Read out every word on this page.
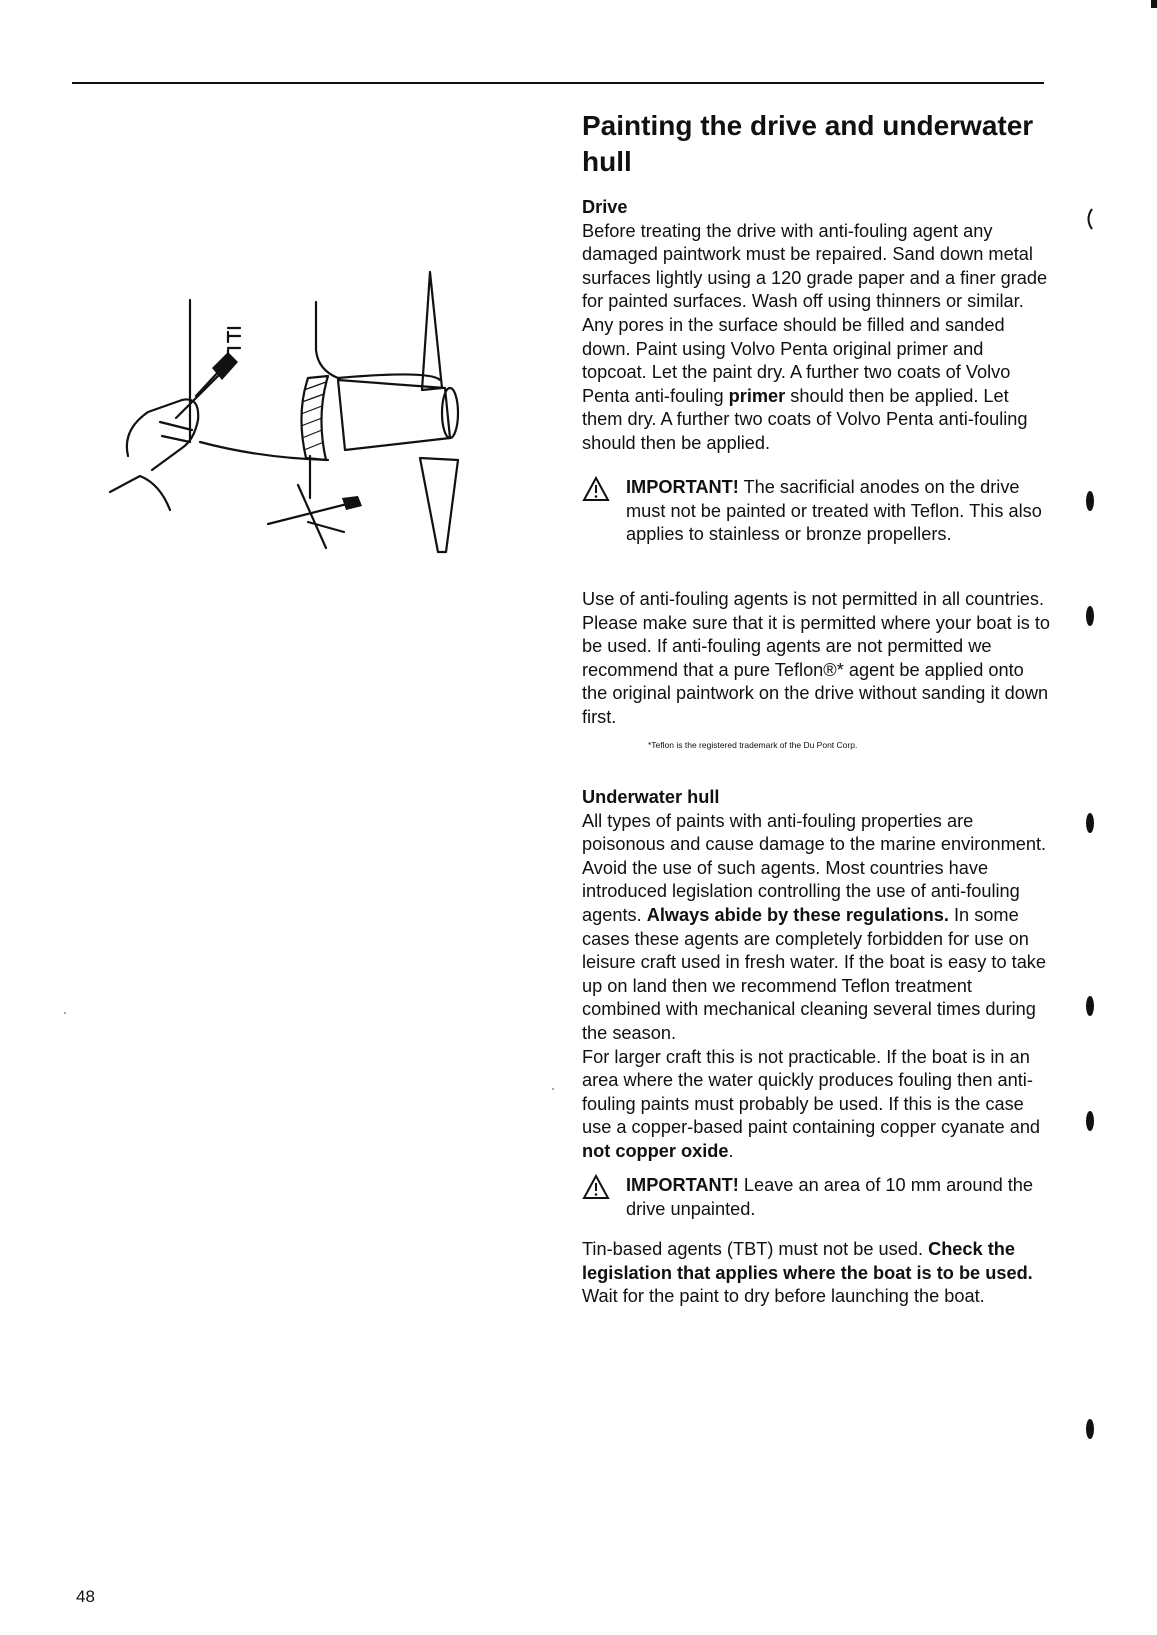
Painting the drive and underwater hull

Drive

Before treating the drive with anti-fouling agent any damaged paintwork must be repaired. Sand down metal surfaces lightly using a 120 grade paper and a finer grade for painted surfaces. Wash off using thinners or similar. Any pores in the surface should be filled and sanded down. Paint using Volvo Penta original primer and topcoat. Let the paint dry. A further two coats of Volvo Penta anti-fouling primer should then be applied. Let them dry. A further two coats of Volvo Penta anti-fouling should then be applied.

IMPORTANT! The sacrificial anodes on the drive must not be painted or treated with Teflon. This also applies to stainless or bronze propellers.

Use of anti-fouling agents is not permitted in all countries. Please make sure that it is permitted where your boat is to be used. If anti-fouling agents are not permitted we recommend that a pure Teflon®* agent be applied onto the original paintwork on the drive without sanding it down first.

*Teflon is the registered trademark of the Du Pont Corp.

Underwater hull

All types of paints with anti-fouling properties are poisonous and cause damage to the marine environment. Avoid the use of such agents. Most countries have introduced legislation controlling the use of anti-fouling agents. Always abide by these regulations. In some cases these agents are completely forbidden for use on leisure craft used in fresh water. If the boat is easy to take up on land then we recommend Teflon treatment combined with mechanical cleaning several times during the season.

For larger craft this is not practicable. If the boat is in an area where the water quickly produces fouling then anti-fouling paints must probably be used. If this is the case use a copper-based paint containing copper cyanate and not copper oxide.

IMPORTANT! Leave an area of 10 mm around the drive unpainted.

Tin-based agents (TBT) must not be used. Check the legislation that applies where the boat is to be used. Wait for the paint to dry before launching the boat.

48
